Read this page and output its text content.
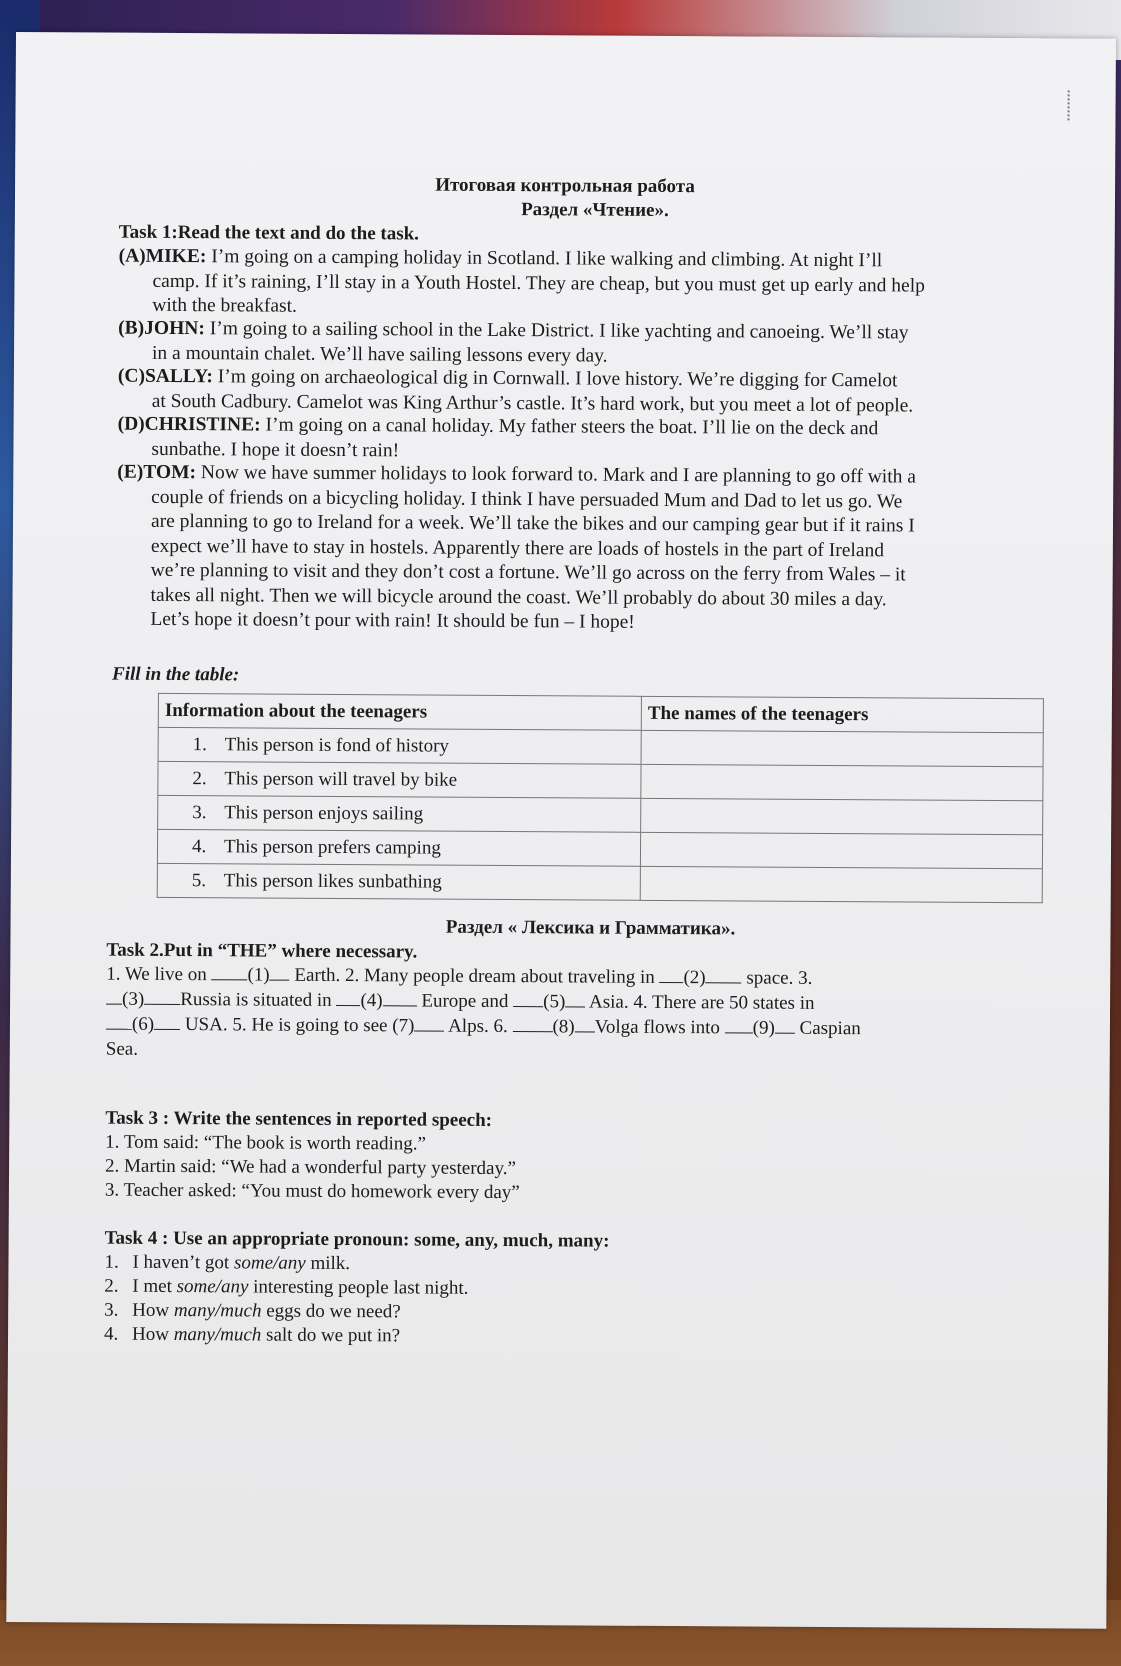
Итоговая контрольная работа
Раздел «Чтение».
Task 1:Read the text and do the task.
(A)MIKE: I’m going on a camping holiday in Scotland. I like walking and climbing. At night I’ll
camp. If it’s raining, I’ll stay in a Youth Hostel. They are cheap, but you must get up early and help
with the breakfast.
(B)JOHN: I’m going to a sailing school in the Lake District. I like yachting and canoeing. We’ll stay
in a mountain chalet. We’ll have sailing lessons every day.
(C)SALLY: I’m going on archaeological dig in Cornwall. I love history. We’re digging for Camelot
at South Cadbury. Camelot was King Arthur’s castle. It’s hard work, but you meet a lot of people.
(D)CHRISTINE: I’m going on a canal holiday. My father steers the boat. I’ll lie on the deck and
sunbathe. I hope it doesn’t rain!
(E)TOM: Now we have summer holidays to look forward to. Mark and I are planning to go off with a
couple of friends on a bicycling holiday. I think I have persuaded Mum and Dad to let us go. We
are planning to go to Ireland for a week. We’ll take the bikes and our camping gear but if it rains I
expect we’ll have to stay in hostels. Apparently there are loads of hostels in the part of Ireland
we’re planning to visit and they don’t cost a fortune. We’ll go across on the ferry from Wales – it
takes all night. Then we will bicycle around the coast. We’ll probably do about 30 miles a day.
Let’s hope it doesn’t pour with rain! It should be fun – I hope!
Fill in the table:
Information about the teenagers	The names of the teenagers
1. This person is fond of history	
2. This person will travel by bike	
3. This person enjoys sailing	
4. This person prefers camping	
5. This person likes sunbathing	
Раздел « Лексика и Грамматика».
Task 2.Put in “THE” where necessary.
1. We live on (1) Earth. 2. Many people dream about traveling in (2) space. 3.
(3) Russia is situated in (4) Europe and (5) Asia. 4. There are 50 states in
(6) USA. 5. He is going to see (7) Alps. 6. (8) Volga flows into (9) Caspian
Sea.
Task 3 : Write the sentences in reported speech:
1. Tom said: “The book is worth reading.”
2. Martin said: “We had a wonderful party yesterday.”
3. Teacher asked: “You must do homework every day”
Task 4 : Use an appropriate pronoun: some, any, much, many:
1. I haven’t got some/any milk.
2. I met some/any interesting people last night.
3. How many/much eggs do we need?
4. How many/much salt do we put in?
